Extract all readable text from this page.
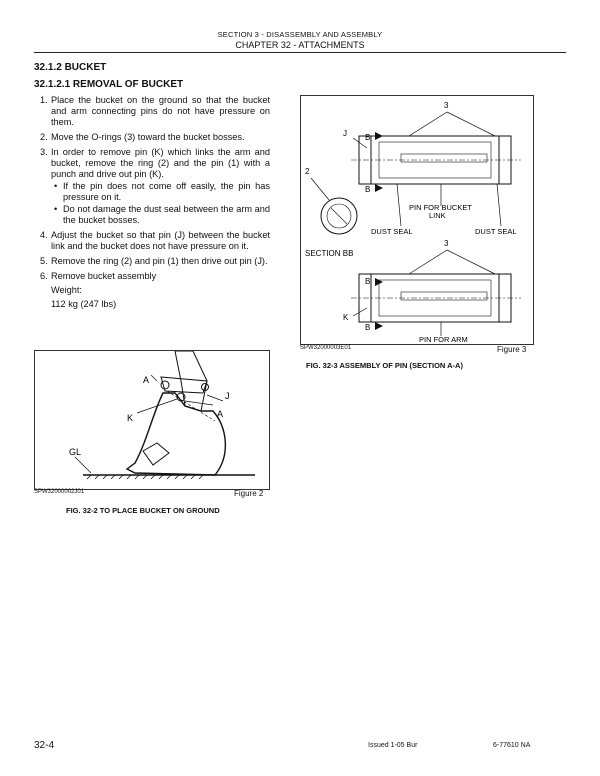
SECTION 3 - DISASSEMBLY AND ASSEMBLY
CHAPTER 32 - ATTACHMENTS
32.1.2 BUCKET
32.1.2.1 REMOVAL OF BUCKET
1. Place the bucket on the ground so that the bucket and arm connecting pins do not have pressure on them.
2. Move the O-rings (3) toward the bucket bosses.
3. In order to remove pin (K) which links the arm and bucket, remove the ring (2) and the pin (1) with a punch and drive out pin (K).
• If the pin does not come off easily, the pin has pressure on it.
• Do not damage the dust seal between the arm and the bucket bosses.
4. Adjust the bucket so that pin (J) between the bucket link and the bucket does not have pressure on it.
5. Remove the ring (2) and pin (1) then drive out pin (J).
6. Remove bucket assembly
Weight:
112 kg (247 lbs)
A
J
A
K
GL
SPW32000002J01	Figure 2
FIG. 32-2 TO PLACE BUCKET ON GROUND
3
J B
B
2
PIN FOR BUCKET
LINK
DUST SEAL	DUST SEAL
SECTION BB
3
B
B
K
PIN FOR ARM
SPW32000003E01	Figure 3
FIG. 32-3 ASSEMBLY OF PIN (SECTION A-A)
32-4	Issued 1-05 Bur	6-77610 NA
